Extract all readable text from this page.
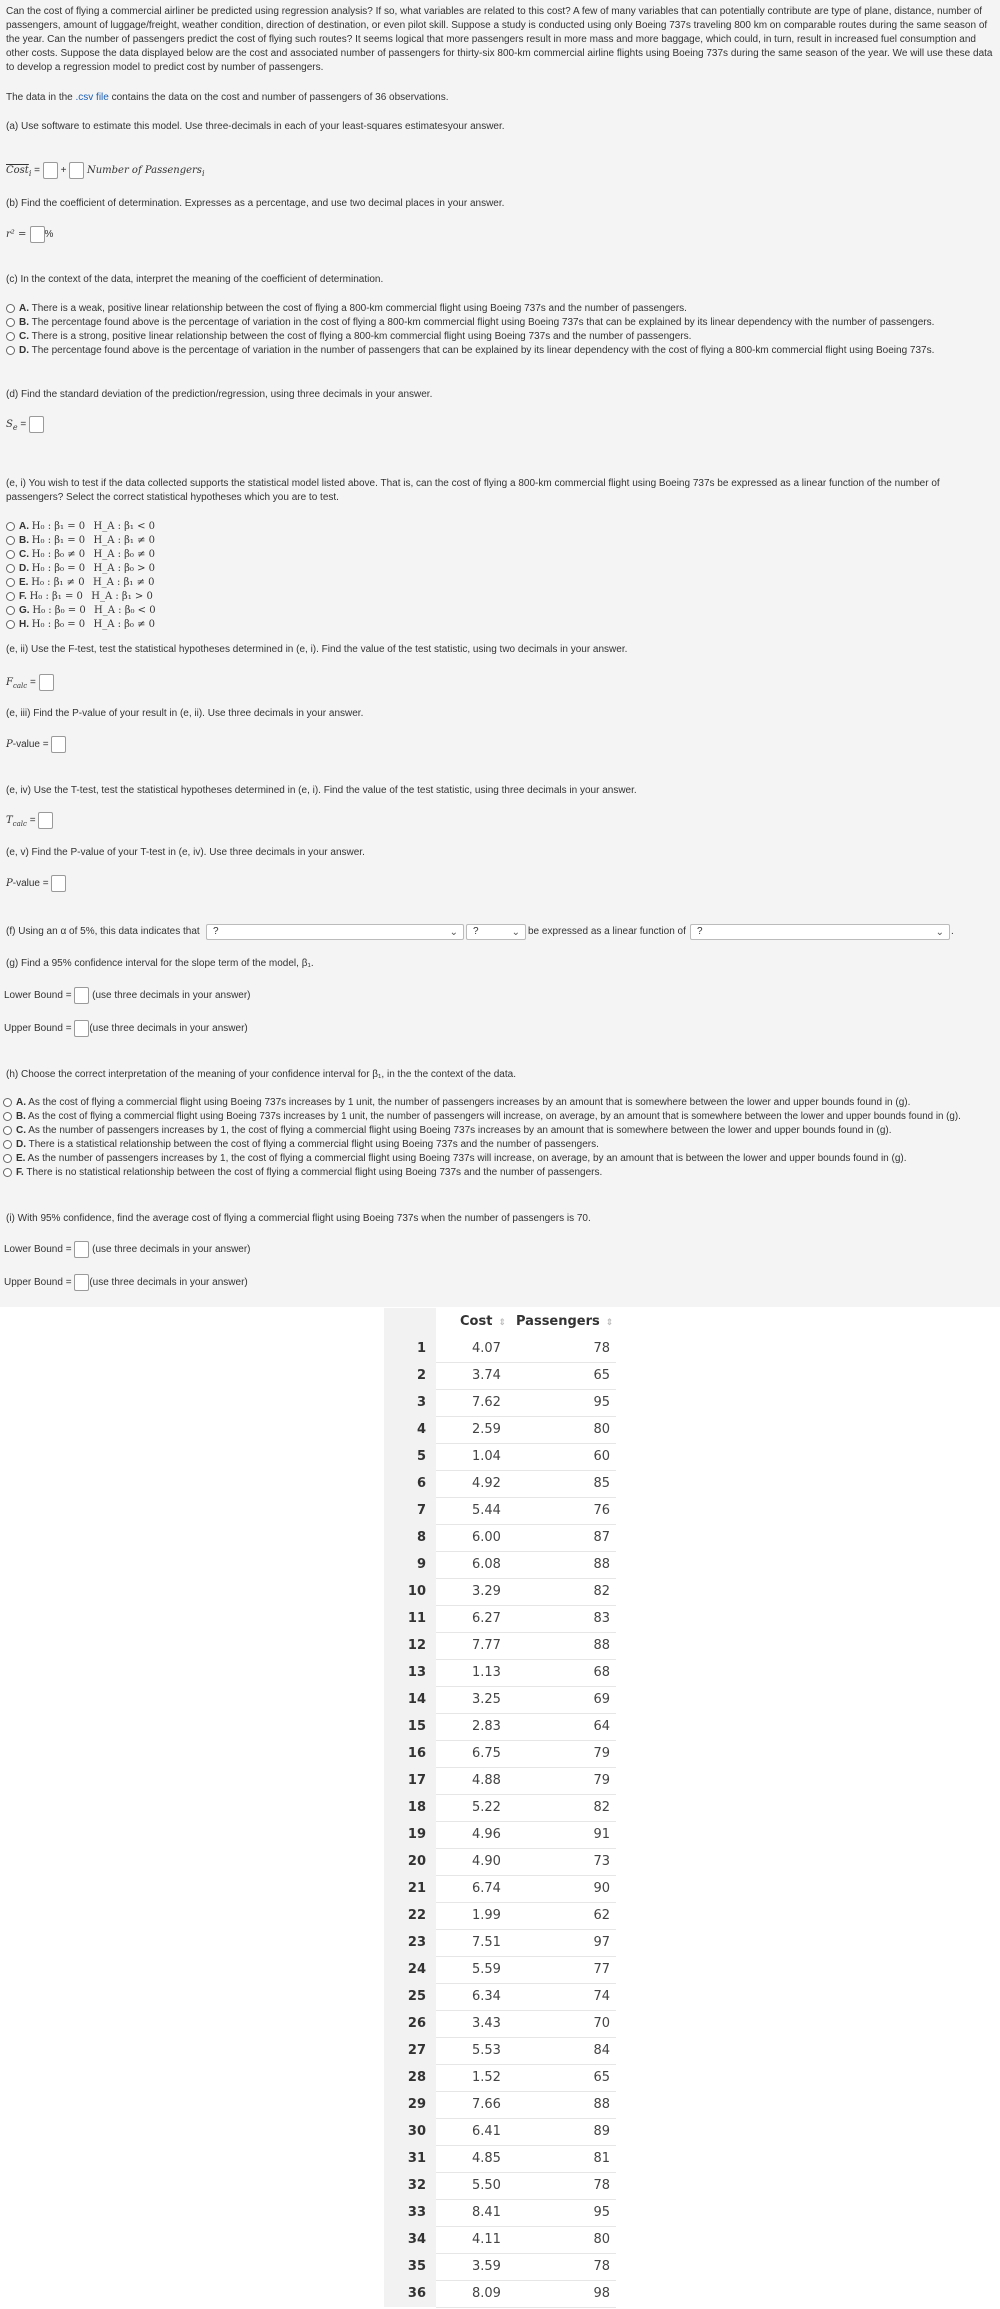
Can the cost of flying a commercial airliner be predicted using regression analysis? If so, what variables are related to this cost? A few of many variables that can potentially contribute are type of plane, distance, number of
passengers, amount of luggage/freight, weather condition, direction of destination, or even pilot skill. Suppose a study is conducted using only Boeing 737s traveling 800 km on comparable routes during the same season of
the year. Can the number of passengers predict the cost of flying such routes? It seems logical that more passengers result in more mass and more baggage, which could, in turn, result in increased fuel consumption and
other costs. Suppose the data displayed below are the cost and associated number of passengers for thirty-six 800-km commercial airline flights using Boeing 737s during the same season of the year. We will use these data
to develop a regression model to predict cost by number of passengers.
The data in the .csv file contains the data on the cost and number of passengers of 36 observations.
(a) Use software to estimate this model. Use three-decimals in each of your least-squares estimatesyour answer.
Cost$_i$ =  + Number of Passengers$_i$
(b) Find the coefficient of determination. Expresses as a percentage, and use two decimal places in your answer.
r² = %
(c) In the context of the data, interpret the meaning of the coefficient of determination.
A. There is a weak, positive linear relationship between the cost of flying a 800-km commercial flight using Boeing 737s and the number of passengers.
B. The percentage found above is the percentage of variation in the cost of flying a 800-km commercial flight using Boeing 737s that can be explained by its linear dependency with the number of passengers.
C. There is a strong, positive linear relationship between the cost of flying a 800-km commercial flight using Boeing 737s and the number of passengers.
D. The percentage found above is the percentage of variation in the number of passengers that can be explained by its linear dependency with the cost of flying a 800-km commercial flight using Boeing 737s.
(d) Find the standard deviation of the prediction/regression, using three decimals in your answer.
$S_e$ =
(e, i) You wish to test if the data collected supports the statistical model listed above. That is, can the cost of flying a 800-km commercial flight using Boeing 737s be expressed as a linear function of the number of
passengers? Select the correct statistical hypotheses which you are to test.
A. H₀ : β₁ = 0 H_A : β₁ < 0
B. H₀ : β₁ = 0 H_A : β₁ ≠ 0
C. H₀ : β₀ ≠ 0 H_A : β₀ ≠ 0
D. H₀ : β₀ = 0 H_A : β₀ > 0
E. H₀ : β₁ ≠ 0 H_A : β₁ ≠ 0
F. H₀ : β₁ = 0 H_A : β₁ > 0
G. H₀ : β₀ = 0 H_A : β₀ < 0
H. H₀ : β₀ = 0 H_A : β₀ ≠ 0
(e, ii) Use the F-test, test the statistical hypotheses determined in (e, i). Find the value of the test statistic, using two decimals in your answer.
$F_{calc}$ =
(e, iii) Find the P-value of your result in (e, ii). Use three decimals in your answer.
P-value =
(e, iv) Use the T-test, test the statistical hypotheses determined in (e, i). Find the value of the test statistic, using three decimals in your answer.
$T_{calc}$ =
(e, v) Find the P-value of your T-test in (e, iv). Use three decimals in your answer.
P-value =
(f) Using an α of 5%, this data indicates that	?	⌄	?	⌄ be expressed as a linear function of	?	⌄ .
(g) Find a 95% confidence interval for the slope term of the model, β₁.
Lower Bound =  (use three decimals in your answer)
Upper Bound = (use three decimals in your answer)
(h) Choose the correct interpretation of the meaning of your confidence interval for β₁, in the the context of the data.
A. As the cost of flying a commercial flight using Boeing 737s increases by 1 unit, the number of passengers increases by an amount that is somewhere between the lower and upper bounds found in (g).
B. As the cost of flying a commercial flight using Boeing 737s increases by 1 unit, the number of passengers will increase, on average, by an amount that is somewhere between the lower and upper bounds found in (g).
C. As the number of passengers increases by 1, the cost of flying a commercial flight using Boeing 737s increases by an amount that is somewhere between the lower and upper bounds found in (g).
D. There is a statistical relationship between the cost of flying a commercial flight using Boeing 737s and the number of passengers.
E. As the number of passengers increases by 1, the cost of flying a commercial flight using Boeing 737s will increase, on average, by an amount that is between the lower and upper bounds found in (g).
F. There is no statistical relationship between the cost of flying a commercial flight using Boeing 737s and the number of passengers.
(i) With 95% confidence, find the average cost of flying a commercial flight using Boeing 737s when the number of passengers is 70.
Lower Bound =  (use three decimals in your answer)
Upper Bound = (use three decimals in your answer)
	Cost ⇕	Passengers ⇕
1	4.07	78
2	3.74	65
3	7.62	95
4	2.59	80
5	1.04	60
6	4.92	85
7	5.44	76
8	6.00	87
9	6.08	88
10	3.29	82
11	6.27	83
12	7.77	88
13	1.13	68
14	3.25	69
15	2.83	64
16	6.75	79
17	4.88	79
18	5.22	82
19	4.96	91
20	4.90	73
21	6.74	90
22	1.99	62
23	7.51	97
24	5.59	77
25	6.34	74
26	3.43	70
27	5.53	84
28	1.52	65
29	7.66	88
30	6.41	89
31	4.85	81
32	5.50	78
33	8.41	95
34	4.11	80
35	3.59	78
36	8.09	98
